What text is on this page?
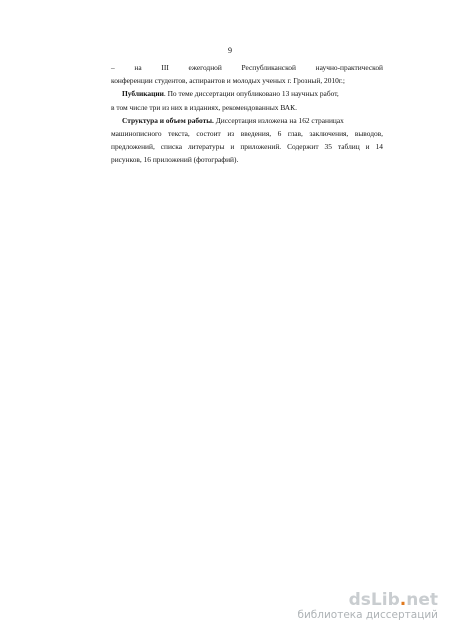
9
– на III ежегодной Республиканской научно-практической
конференции студентов, аспирантов и молодых ученых г. Грозный, 2010г.;
Публикации. По теме диссертации опубликовано 13 научных работ,
в том числе три из них в изданиях, рекомендованных ВАК.
Структура и объем работы. Диссертация изложена на 162 страницах
машинописного текста, состоит из введения, 6 глав, заключения, выводов,
предложений, списка литературы и приложений. Содержит 35 таблиц и 14
рисунков, 16 приложений (фотографий).
dsLib.net
библиотека диссертаций
